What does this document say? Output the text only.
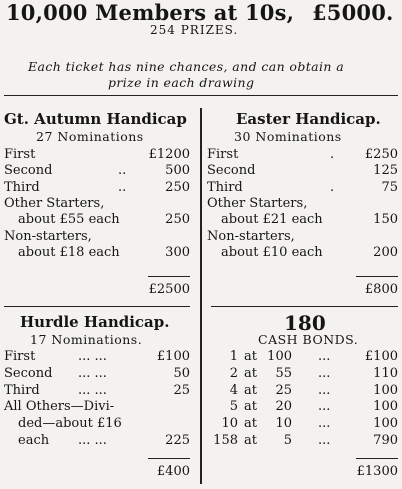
10,000 Members at 10s, £5000.
254 PRIZES.
Each ticket has nine chances, and can obtain a
prize in each drawing
Gt. Autumn Handicap
27 Nominations
First	£1200
Second	..	500
Third	..	250
Other Starters,
about £55 each	250
Non-starters,
about £18 each	300
£2500
Easter Handicap.
30 Nominations
First	.	£250
Second	125
Third	.	75
Other Starters,
about £21 each	150
Non-starters,
about £10 each	200
£800
Hurdle Handicap.
17 Nominations.
First	... ...	£100
Second ... ...	50
Third	... ...	25
All Others—Divi-
ded—about £16
each ... ...	225
£400
180
CASH BONDS.
1 at 100 ...	£100
2 at	55 ...	110
4 at	25 ...	100
5 at	20 ...	100
10 at	10 ...	100
158 at	5 ...	790
£1300
